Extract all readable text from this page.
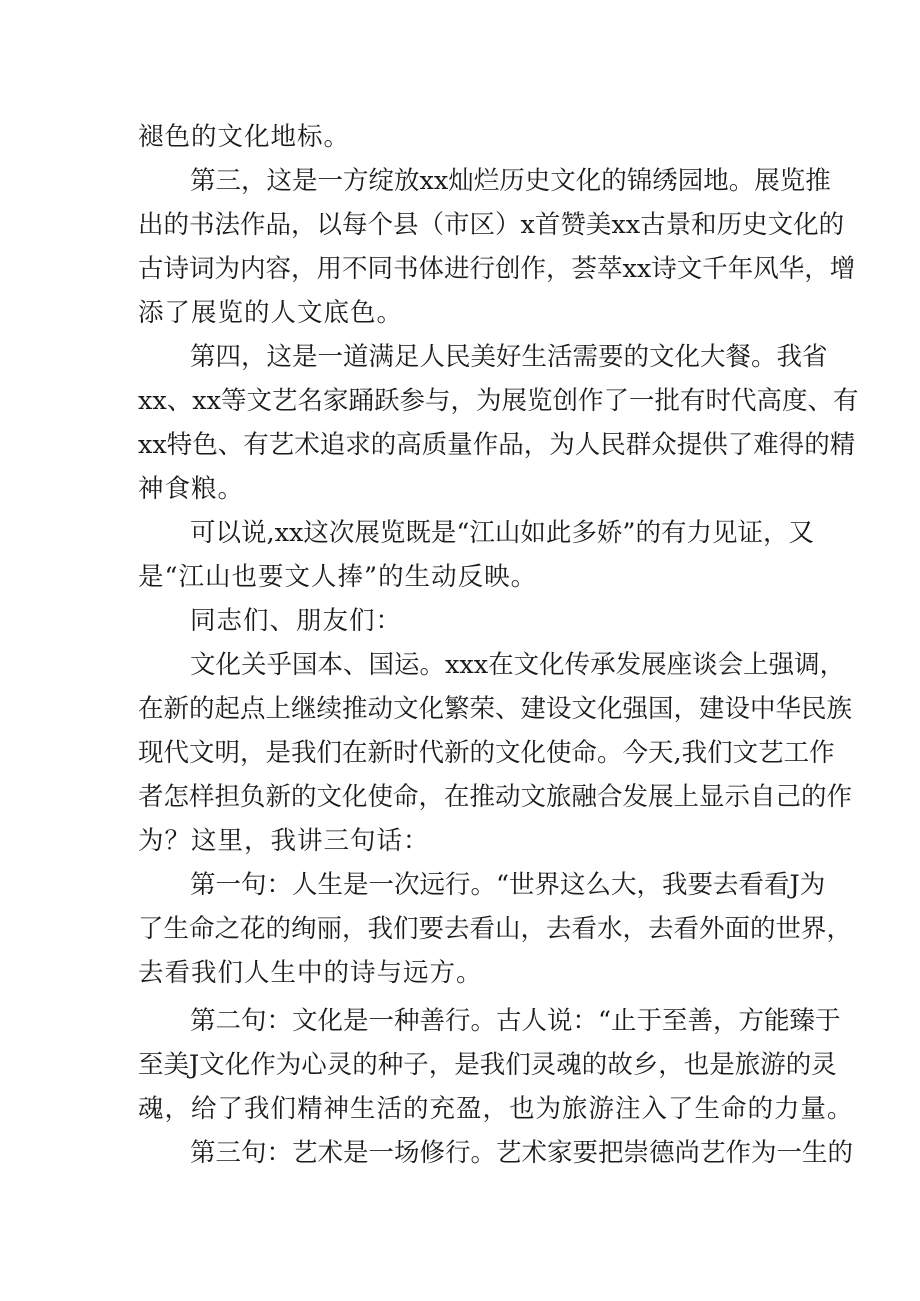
褪色的文化地标。
第三，这是一方绽放xx灿烂历史文化的锦绣园地。展览推
出的书法作品，以每个县（市区）x首赞美xx古景和历史文化的
古诗词为内容，用不同书体进行创作，荟萃xx诗文千年风华，增
添了展览的人文底色。
第四，这是一道满足人民美好生活需要的文化大餐。我省
xx、xx等文艺名家踊跃参与，为展览创作了一批有时代高度、有
xx特色、有艺术追求的高质量作品，为人民群众提供了难得的精
神食粮。
可以说,xx这次展览既是“江山如此多娇”的有力见证，又
是“江山也要文人捧”的生动反映。
同志们、朋友们：
文化关乎国本、国运。xxx在文化传承发展座谈会上强调，
在新的起点上继续推动文化繁荣、建设文化强国，建设中华民族
现代文明，是我们在新时代新的文化使命。今天,我们文艺工作
者怎样担负新的文化使命，在推动文旅融合发展上显示自己的作
为？这里，我讲三句话：
第一句：人生是一次远行。“世界这么大，我要去看看J为
了生命之花的绚丽，我们要去看山，去看水，去看外面的世界，
去看我们人生中的诗与远方。
第二句：文化是一种善行。古人说：“止于至善，方能臻于
至美J文化作为心灵的种子，是我们灵魂的故乡，也是旅游的灵
魂，给了我们精神生活的充盈，也为旅游注入了生命的力量。
第三句：艺术是一场修行。艺术家要把崇德尚艺作为一生的
